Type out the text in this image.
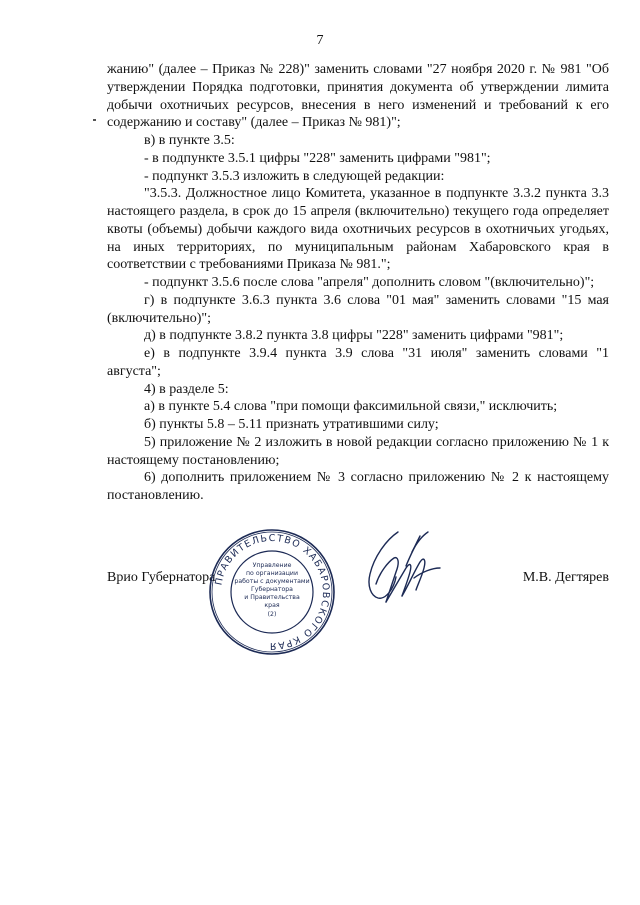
7

жанию" (далее – Приказ № 228)" заменить словами "27 ноября 2020 г. № 981 "Об утверждении Порядка подготовки, принятия документа об утверждении лимита добычи охотничьих ресурсов, внесения в него изменений и требований к его содержанию и составу" (далее – Приказ № 981)";

в) в пункте 3.5:

- в подпункте 3.5.1 цифры "228" заменить цифрами "981";

- подпункт 3.5.3 изложить в следующей редакции:

"3.5.3. Должностное лицо Комитета, указанное в подпункте 3.3.2 пункта 3.3 настоящего раздела, в срок до 15 апреля (включительно) текущего года определяет квоты (объемы) добычи каждого вида охотничьих ресурсов в охотничьих угодьях, на иных территориях, по муниципальным районам Хабаровского края в соответствии с требованиями Приказа № 981.";

- подпункт 3.5.6 после слова "апреля" дополнить словом "(включительно)";

г) в подпункте 3.6.3 пункта 3.6 слова "01 мая" заменить словами "15 мая (включительно)";

д) в подпункте 3.8.2 пункта 3.8 цифры "228" заменить цифрами "981";

е) в подпункте 3.9.4 пункта 3.9 слова "31 июля" заменить словами "1 августа";

4) в разделе 5:

а) в пункте 5.4 слова "при помощи факсимильной связи," исключить;

б) пункты 5.8 – 5.11 признать утратившими силу;

5) приложение № 2 изложить в новой редакции согласно приложению № 1 к настоящему постановлению;

6) дополнить приложением № 3 согласно приложению № 2 к настоящему постановлению.

Врио Губернатора	М.В. Дегтярев
ПРАВИТЕЛЬСТВО ХАБАРОВСКОГО КРАЯ
Управление
по организации
работы с документами
Губернатора
и Правительства
края
(2)
